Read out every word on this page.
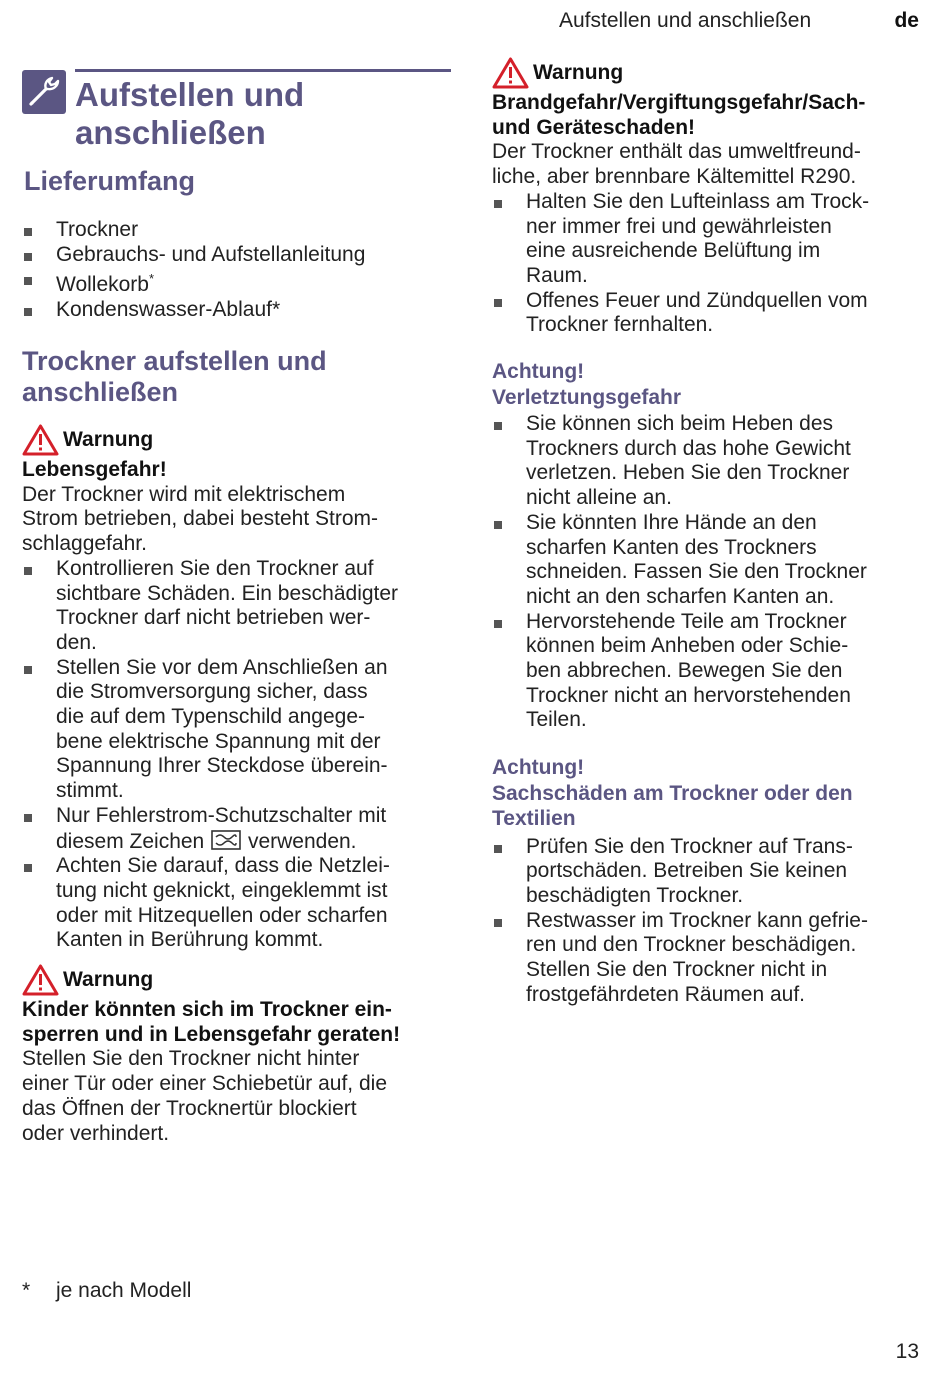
Aufstellen und anschließen	de
Aufstellen und
anschließen
Lieferumfang
Trockner
Gebrauchs- und Aufstellanleitung
Wollekorb*
Kondenswasser-Ablauf*
Trockner aufstellen und
anschließen
Warnung
Lebensgefahr!
Der Trockner wird mit elektrischem
Strom betrieben, dabei besteht Strom-
schlaggefahr.
Kontrollieren Sie den Trockner auf
sichtbare Schäden. Ein beschädigter
Trockner darf nicht betrieben wer-
den.
Stellen Sie vor dem Anschließen an
die Stromversorgung sicher, dass
die auf dem Typenschild angege-
bene elektrische Spannung mit der
Spannung Ihrer Steckdose überein-
stimmt.
Nur Fehlerstrom-Schutzschalter mit
diesem Zeichen verwenden.
Achten Sie darauf, dass die Netzlei-
tung nicht geknickt, eingeklemmt ist
oder mit Hitzequellen oder scharfen
Kanten in Berührung kommt.
Warnung
Kinder könnten sich im Trockner ein-
sperren und in Lebensgefahr geraten!
Stellen Sie den Trockner nicht hinter
einer Tür oder einer Schiebetür auf, die
das Öffnen der Trocknertür blockiert
oder verhindert.
Warnung
Brandgefahr/Vergiftungsgefahr/Sach-
und Geräteschaden!
Der Trockner enthält das umweltfreund-
liche, aber brennbare Kältemittel R290.
Halten Sie den Lufteinlass am Trock-
ner immer frei und gewährleisten
eine ausreichende Belüftung im
Raum.
Offenes Feuer und Zündquellen vom
Trockner fernhalten.
Achtung!
Verletztungsgefahr
Sie können sich beim Heben des
Trockners durch das hohe Gewicht
verletzen. Heben Sie den Trockner
nicht alleine an.
Sie könnten Ihre Hände an den
scharfen Kanten des Trockners
schneiden. Fassen Sie den Trockner
nicht an den scharfen Kanten an.
Hervorstehende Teile am Trockner
können beim Anheben oder Schie-
ben abbrechen. Bewegen Sie den
Trockner nicht an hervorstehenden
Teilen.
Achtung!
Sachschäden am Trockner oder den
Textilien
Prüfen Sie den Trockner auf Trans-
portschäden. Betreiben Sie keinen
beschädigten Trockner.
Restwasser im Trockner kann gefrie-
ren und den Trockner beschädigen.
Stellen Sie den Trockner nicht in
frostgefährdeten Räumen auf.
* je nach Modell
13
